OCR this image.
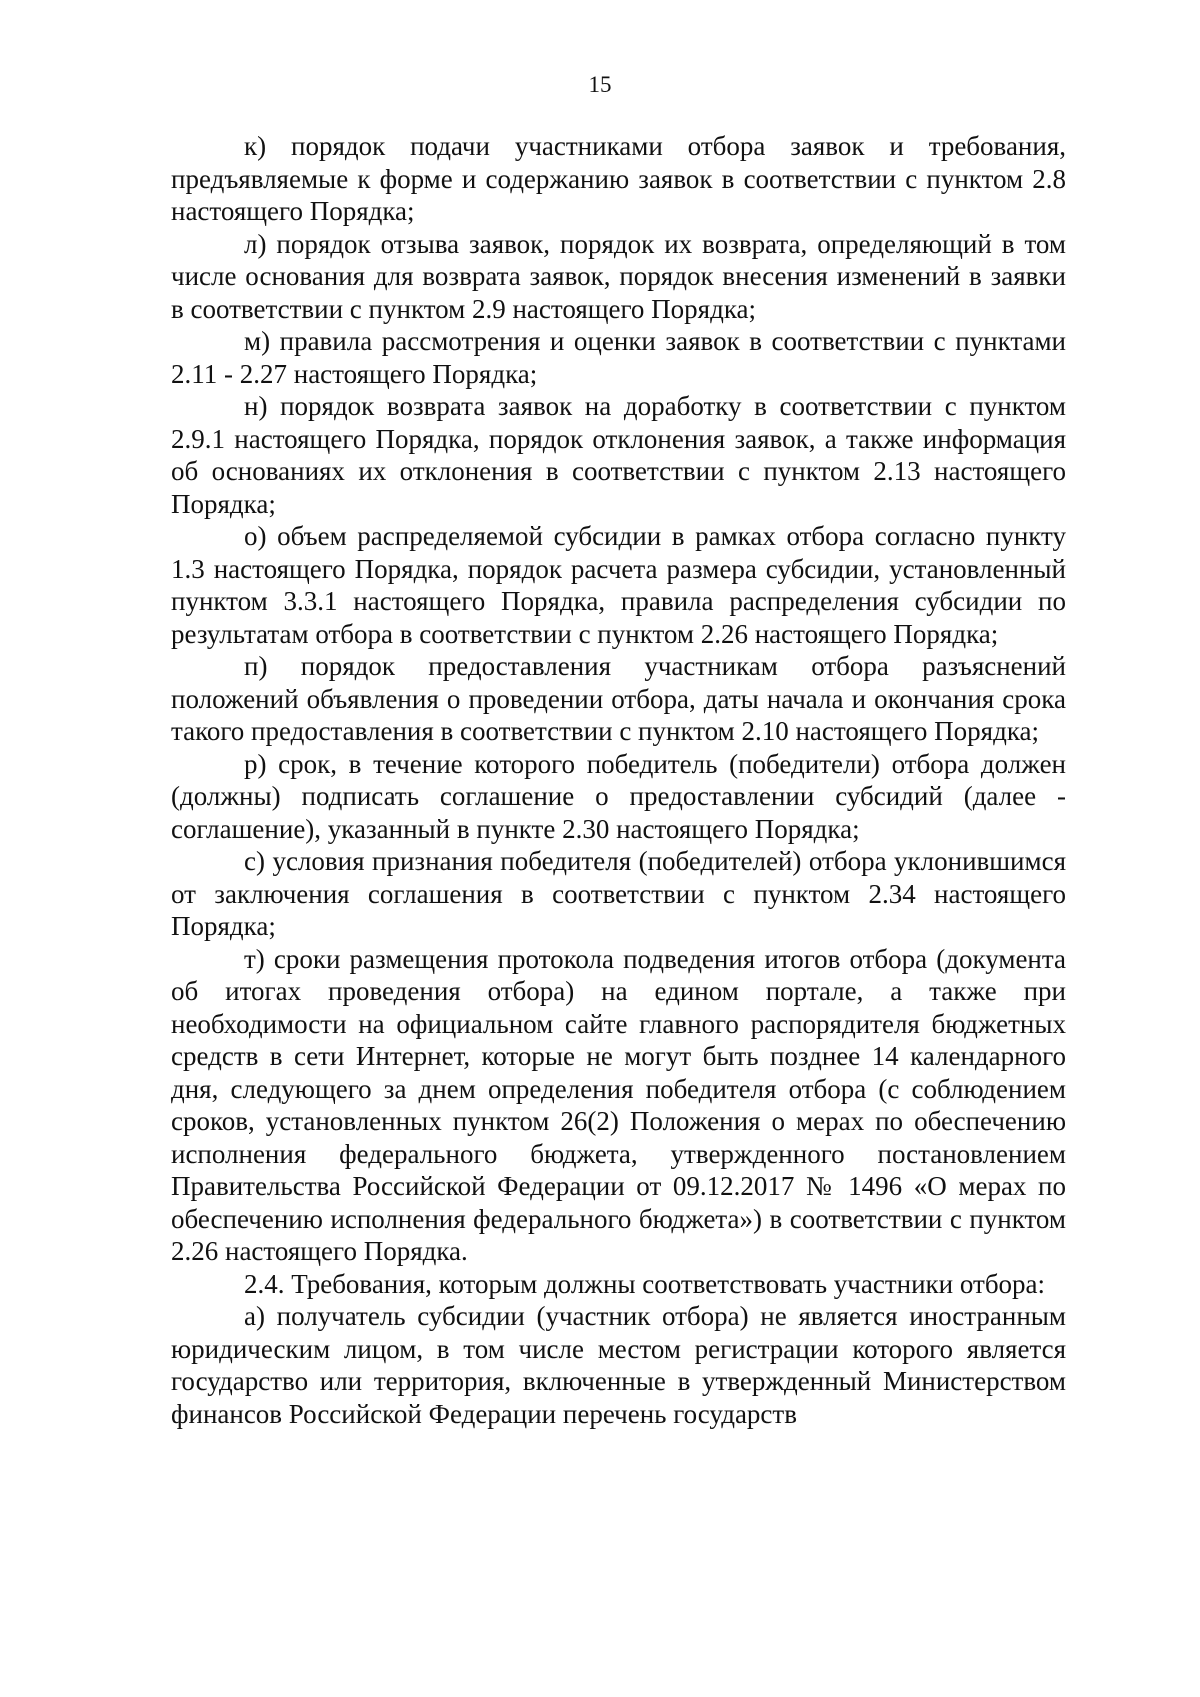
15

к) порядок подачи участниками отбора заявок и требования, предъявляемые к форме и содержанию заявок в соответствии с пунктом 2.8 настоящего Порядка;

л) порядок отзыва заявок, порядок их возврата, определяющий в том числе основания для возврата заявок, порядок внесения изменений в заявки в соответствии с пунктом 2.9 настоящего Порядка;

м) правила рассмотрения и оценки заявок в соответствии с пунктами 2.11 - 2.27 настоящего Порядка;

н) порядок возврата заявок на доработку в соответствии с пунктом 2.9.1 настоящего Порядка, порядок отклонения заявок, а также информация об основаниях их отклонения в соответствии с пунктом 2.13 настоящего Порядка;

о) объем распределяемой субсидии в рамках отбора согласно пункту 1.3 настоящего Порядка, порядок расчета размера субсидии, установленный пунктом 3.3.1 настоящего Порядка, правила распределения субсидии по результатам отбора в соответствии с пунктом 2.26 настоящего Порядка;

п) порядок предоставления участникам отбора разъяснений положений объявления о проведении отбора, даты начала и окончания срока такого предоставления в соответствии с пунктом 2.10 настоящего Порядка;

р) срок, в течение которого победитель (победители) отбора должен (должны) подписать соглашение о предоставлении субсидий (далее - соглашение), указанный в пункте 2.30 настоящего Порядка;

с) условия признания победителя (победителей) отбора уклонившимся от заключения соглашения в соответствии с пунктом 2.34 настоящего Порядка;

т) сроки размещения протокола подведения итогов отбора (документа об итогах проведения отбора) на едином портале, а также при необходимости на официальном сайте главного распорядителя бюджетных средств в сети Интернет, которые не могут быть позднее 14 календарного дня, следующего за днем определения победителя отбора (с соблюдением сроков, установленных пунктом 26(2) Положения о мерах по обеспечению исполнения федерального бюджета, утвержденного постановлением Правительства Российской Федерации от 09.12.2017 № 1496 «О мерах по обеспечению исполнения федерального бюджета») в соответствии с пунктом 2.26 настоящего Порядка.

2.4. Требования, которым должны соответствовать участники отбора:

а) получатель субсидии (участник отбора) не является иностранным юридическим лицом, в том числе местом регистрации которого является государство или территория, включенные в утвержденный Министерством финансов Российской Федерации перечень государств
